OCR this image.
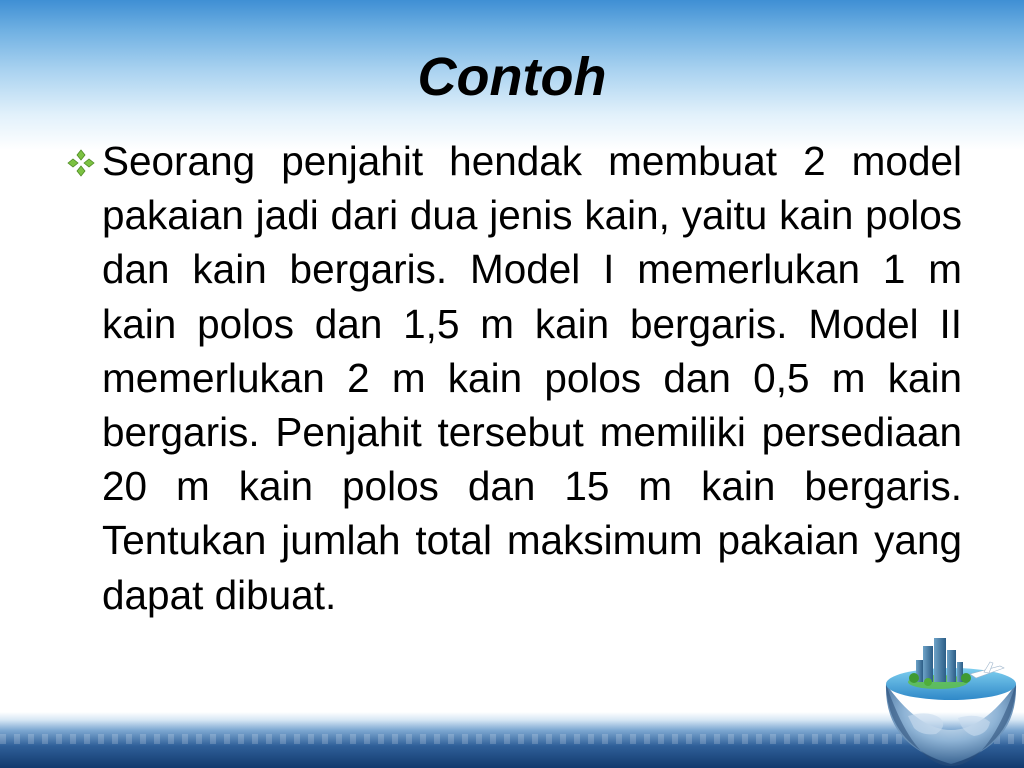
Contoh

Seorang penjahit hendak membuat 2 model pakaian jadi dari dua jenis kain, yaitu kain polos dan kain bergaris. Model I memerlukan 1 m kain polos dan 1,5 m kain bergaris. Model II memerlukan 2 m kain polos dan 0,5 m kain bergaris. Penjahit tersebut memiliki persediaan 20 m kain polos dan 15 m kain bergaris. Tentukan jumlah total maksimum pakaian yang dapat dibuat.
